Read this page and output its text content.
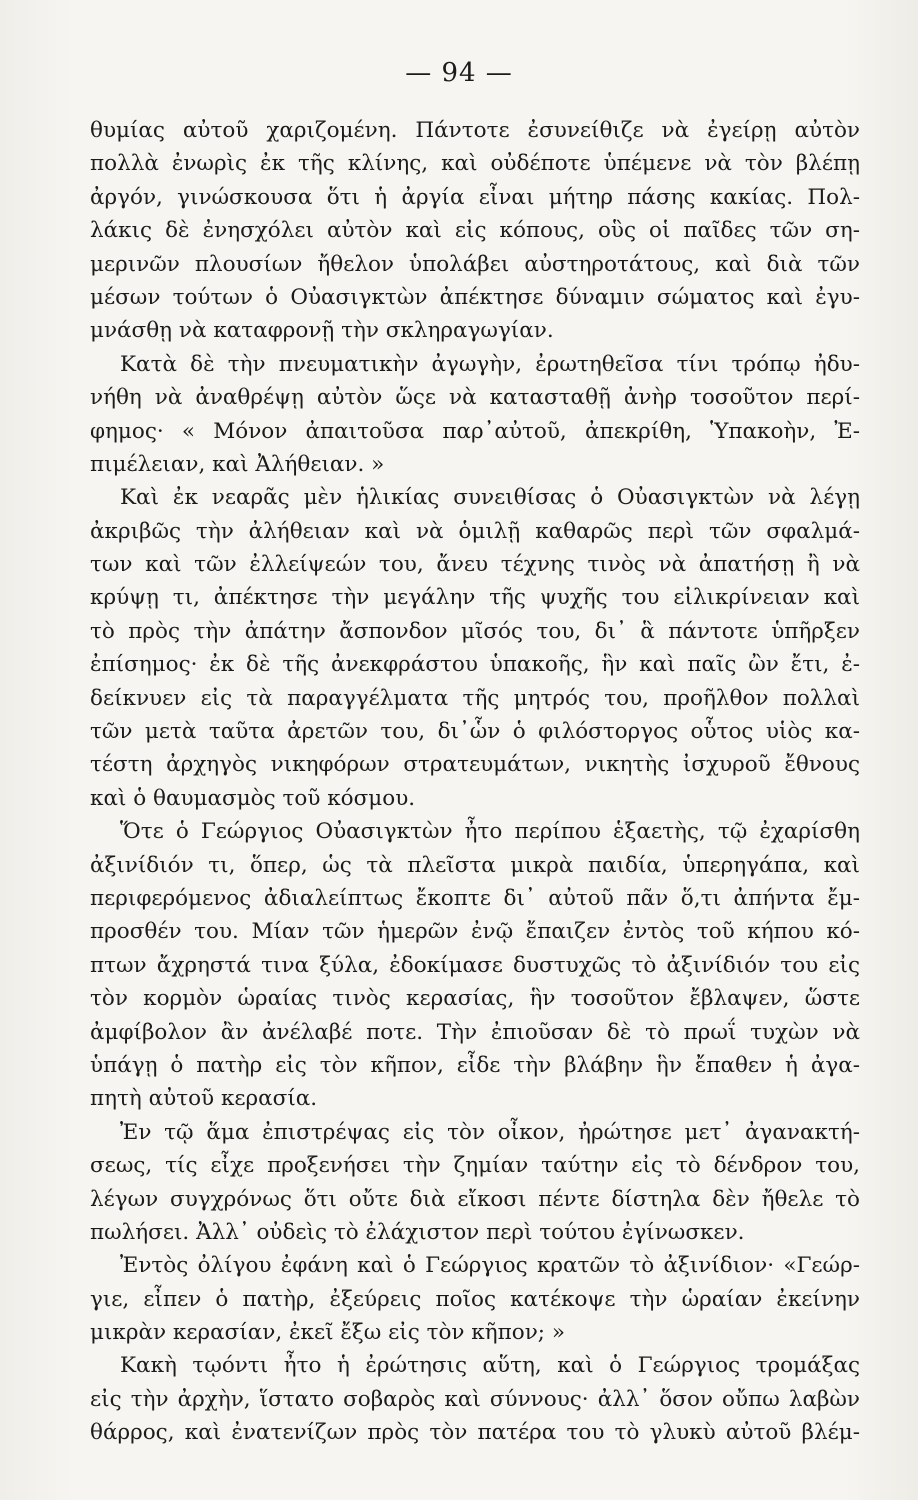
— 94 —
θυμίας αὐτοῦ χαριζομένη. Πάντοτε ἐσυνείθιζε νὰ ἐγείρῃ αὐτὸν
πολλὰ ἐνωρὶς ἐκ τῆς κλίνης, καὶ οὐδέποτε ὑπέμενε νὰ τὸν βλέπῃ
ἀργόν, γινώσκουσα ὅτι ἡ ἀργία εἶναι μήτηρ πάσης κακίας. Πολ-
λάκις δὲ ἐνησχόλει αὐτὸν καὶ εἰς κόπους, οὓς οἱ παῖδες τῶν ση-
μερινῶν πλουσίων ἤθελον ὑπολάβει αὐστηροτάτους, καὶ διὰ τῶν
μέσων τούτων ὁ Οὐασιγκτὼν ἀπέκτησε δύναμιν σώματος καὶ ἐγυ-
μνάσθῃ νὰ καταφρονῇ τὴν σκληραγωγίαν.
Κατὰ δὲ τὴν πνευματικὴν ἀγωγὴν, ἐρωτηθεῖσα τίνι τρόπῳ ἠδυ-
νήθη νὰ ἀναθρέψῃ αὐτὸν ὥςε νὰ κατασταθῇ ἀνὴρ τοσοῦτον περί-
φημος· « Μόνον ἀπαιτοῦσα παρ᾽αὐτοῦ, ἀπεκρίθη, Ὑπακοὴν, Ἐ-
πιμέλειαν, καὶ Ἀλήθειαν. »
Καὶ ἐκ νεαρᾶς μὲν ἡλικίας συνειθίσας ὁ Οὐασιγκτὼν νὰ λέγῃ
ἀκριβῶς τὴν ἀλήθειαν καὶ νὰ ὁμιλῇ καθαρῶς περὶ τῶν σφαλμά-
των καὶ τῶν ἐλλείψεών του, ἄνευ τέχνης τινὸς νὰ ἀπατήσῃ ἢ νὰ
κρύψῃ τι, ἀπέκτησε τὴν μεγάλην τῆς ψυχῆς του εἰλικρίνειαν καὶ
τὸ πρὸς τὴν ἀπάτην ἄσπονδον μῖσός του, δι᾽ ἃ πάντοτε ὑπῆρξεν
ἐπίσημος· ἐκ δὲ τῆς ἀνεκφράστου ὑπακοῆς, ἣν καὶ παῖς ὢν ἔτι, ἐ-
δείκνυεν εἰς τὰ παραγγέλματα τῆς μητρός του, προῆλθον πολλαὶ
τῶν μετὰ ταῦτα ἀρετῶν του, δι᾽ὧν ὁ φιλόστοργος οὗτος υἱὸς κα-
τέστη ἀρχηγὸς νικηφόρων στρατευμάτων, νικητὴς ἰσχυροῦ ἔθνους
καὶ ὁ θαυμασμὸς τοῦ κόσμου.
Ὅτε ὁ Γεώργιος Οὐασιγκτὼν ἦτο περίπου ἑξαετὴς, τῷ ἐχαρίσθη
ἀξινίδιόν τι, ὅπερ, ὡς τὰ πλεῖστα μικρὰ παιδία, ὑπερηγάπα, καὶ
περιφερόμενος ἀδιαλείπτως ἔκοπτε δι᾽ αὐτοῦ πᾶν ὅ,τι ἀπήντα ἔμ-
προσθέν του. Μίαν τῶν ἡμερῶν ἐνῷ ἔπαιζεν ἐντὸς τοῦ κήπου κό-
πτων ἄχρηστά τινα ξύλα, ἐδοκίμασε δυστυχῶς τὸ ἀξινίδιόν του εἰς
τὸν κορμὸν ὡραίας τινὸς κερασίας, ἣν τοσοῦτον ἔβλαψεν, ὥστε
ἀμφίβολον ἂν ἀνέλαβέ ποτε. Τὴν ἐπιοῦσαν δὲ τὸ πρωΐ τυχὼν νὰ
ὑπάγῃ ὁ πατὴρ εἰς τὸν κῆπον, εἶδε τὴν βλάβην ἣν ἔπαθεν ἡ ἀγα-
πητὴ αὐτοῦ κερασία.
Ἐν τῷ ἅμα ἐπιστρέψας εἰς τὸν οἶκον, ἠρώτησε μετ᾽ ἀγανακτή-
σεως, τίς εἶχε προξενήσει τὴν ζημίαν ταύτην εἰς τὸ δένδρον του,
λέγων συγχρόνως ὅτι οὔτε διὰ εἴκοσι πέντε δίστηλα δὲν ἤθελε τὸ
πωλήσει. Ἀλλ᾽ οὐδεὶς τὸ ἐλάχιστον περὶ τούτου ἐγίνωσκεν.
Ἐντὸς ὀλίγου ἐφάνη καὶ ὁ Γεώργιος κρατῶν τὸ ἀξινίδιον· «Γεώρ-
γιε, εἶπεν ὁ πατὴρ, ἐξεύρεις ποῖος κατέκοψε τὴν ὡραίαν ἐκείνην
μικρὰν κερασίαν, ἐκεῖ ἔξω εἰς τὸν κῆπον; »
Κακὴ τῳόντι ἦτο ἡ ἐρώτησις αὕτη, καὶ ὁ Γεώργιος τρομάξας
εἰς τὴν ἀρχὴν, ἵστατο σοβαρὸς καὶ σύννους· ἀλλ᾽ ὅσον οὔπω λαβὼν
θάρρος, καὶ ἐνατενίζων πρὸς τὸν πατέρα του τὸ γλυκὺ αὐτοῦ βλέμ-
